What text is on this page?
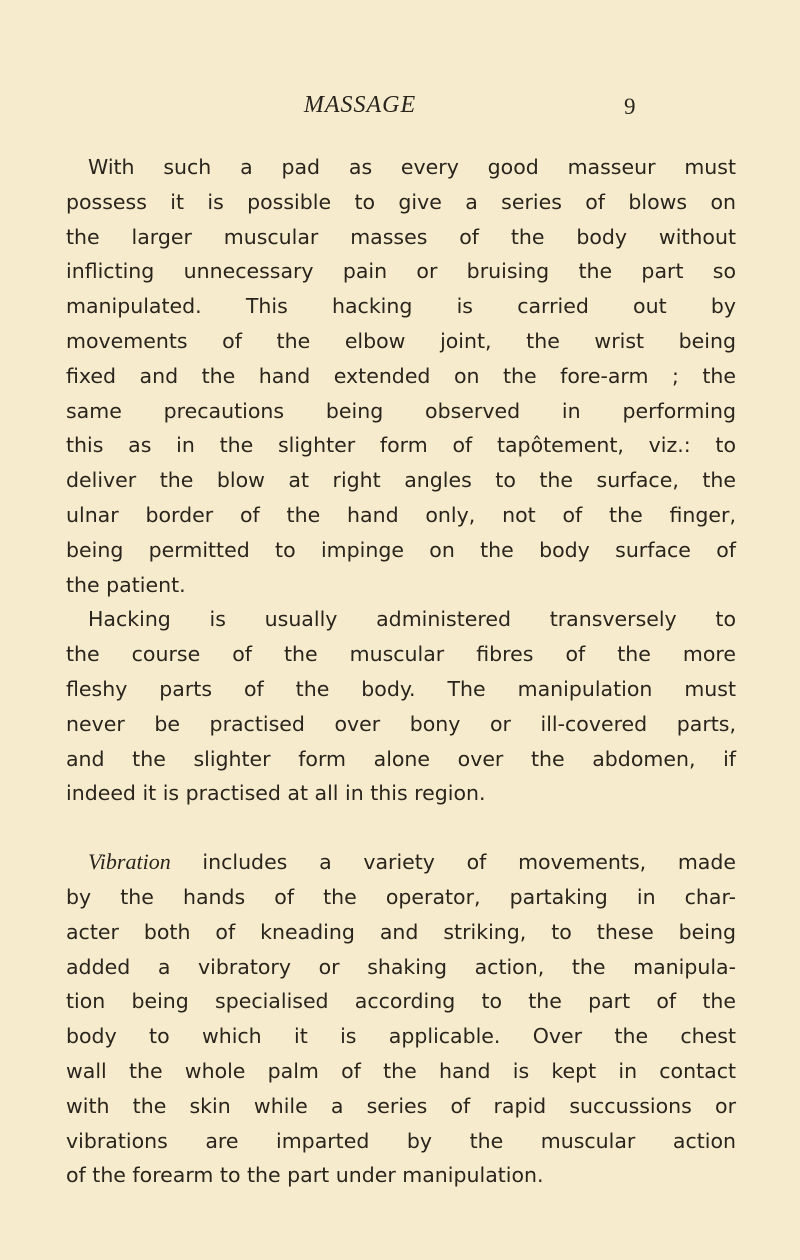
MASSAGE	9
With such a pad as every good masseur must
possess it is possible to give a series of blows on
the larger muscular masses of the body without
inflicting unnecessary pain or bruising the part so
manipulated. This hacking is carried out by
movements of the elbow joint, the wrist being
fixed and the hand extended on the fore-arm ; the
same precautions being observed in performing
this as in the slighter form of tapôtement, viz.: to
deliver the blow at right angles to the surface, the
ulnar border of the hand only, not of the finger,
being permitted to impinge on the body surface of
the patient.
Hacking is usually administered transversely to
the course of the muscular fibres of the more
fleshy parts of the body. The manipulation must
never be practised over bony or ill-covered parts,
and the slighter form alone over the abdomen, if
indeed it is practised at all in this region.
Vibration includes a variety of movements, made
by the hands of the operator, partaking in char-
acter both of kneading and striking, to these being
added a vibratory or shaking action, the manipula-
tion being specialised according to the part of the
body to which it is applicable. Over the chest
wall the whole palm of the hand is kept in contact
with the skin while a series of rapid succussions or
vibrations are imparted by the muscular action
of the forearm to the part under manipulation.
